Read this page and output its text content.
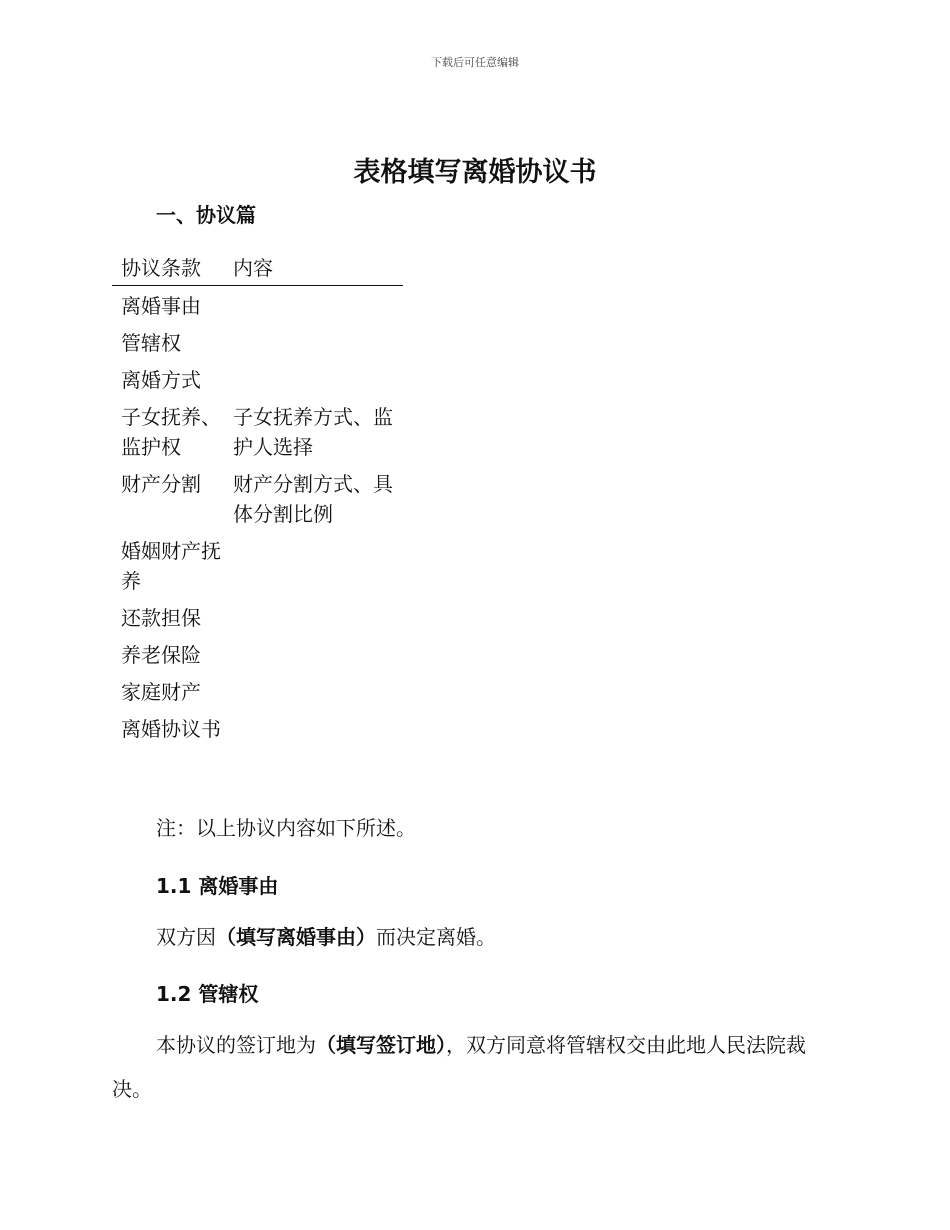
下载后可任意编辑
表格填写离婚协议书
一、协议篇
协议条款	内容
离婚事由	
管辖权	
离婚方式	
子女抚养、监护权	子女抚养方式、监护人选择
财产分割	财产分割方式、具体分割比例
婚姻财产抚养	
还款担保	
养老保险	
家庭财产	
离婚协议书	

注：以上协议内容如下所述。

1.1 离婚事由

双方因（填写离婚事由）而决定离婚。

1.2 管辖权

本协议的签订地为（填写签订地），双方同意将管辖权交由此地人民法院裁决。
